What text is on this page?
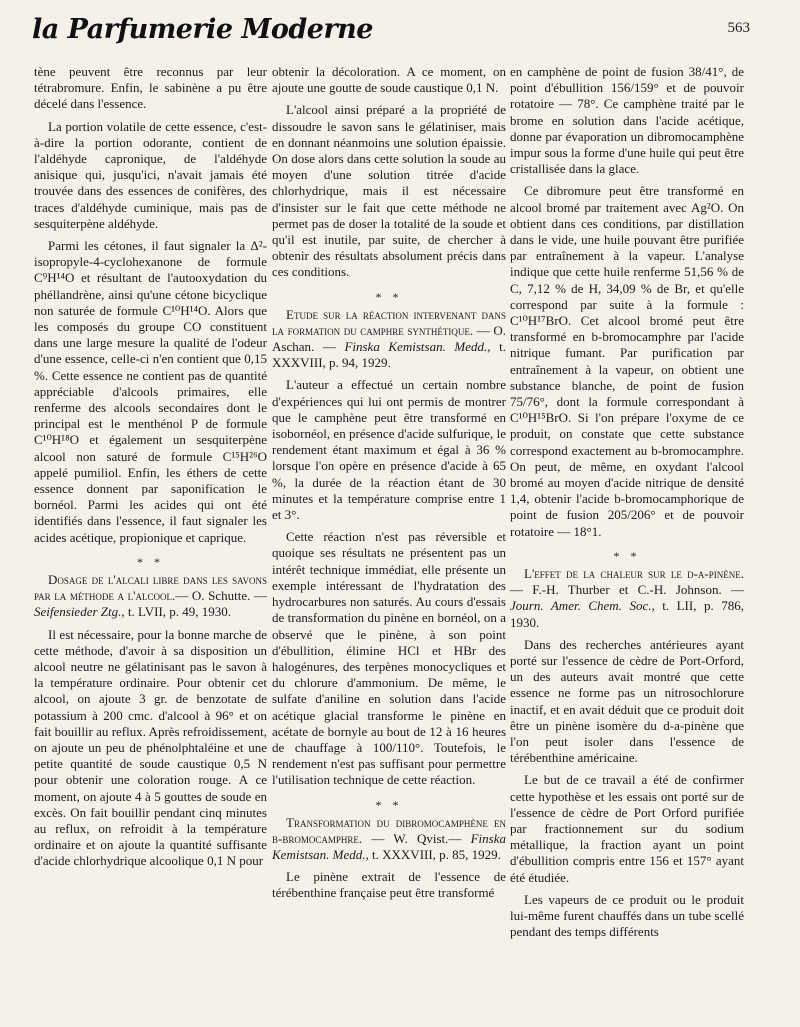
la Parfumerie Moderne	563

tène peuvent être reconnus par leur tétrabromure. Enfin, le sabinène a pu être décelé dans l'essence.

La portion volatile de cette essence, c'est-à-dire la portion odorante, contient de l'aldéhyde capronique, de l'aldéhyde anisique qui, jusqu'ici, n'avait jamais été trouvée dans des essences de conifères, des traces d'aldéhyde cuminique, mais pas de sesquiterpène aldéhyde.

Parmi les cétones, il faut signaler la Δ²-isopropyle-4-cyclohexanone de formule C⁹H¹⁴O et résultant de l'autooxydation du phéllandrène, ainsi qu'une cétone bicyclique non saturée de formule C¹⁰H¹⁴O. Alors que les composés du groupe CO constituent dans une large mesure la qualité de l'odeur d'une essence, celle-ci n'en contient que 0,15 %. Cette essence ne contient pas de quantité appréciable d'alcools primaires, elle renferme des alcools secondaires dont le principal est le menthénol P de formule C¹⁰H¹⁸O et également un sesquiterpène alcool non saturé de formule C¹⁵H²⁶O appelé pumiliol. Enfin, les éthers de cette essence donnent par saponification le bornéol. Parmi les acides qui ont été identifiés dans l'essence, il faut signaler les acides acétique, propionique et caprique.

* *

Dosage de l'alcali libre dans les savons par la méthode a l'alcool.— O. Schutte. — Seifensieder Ztg., t. LVII, p. 49, 1930.

Il est nécessaire, pour la bonne marche de cette méthode, d'avoir à sa disposition un alcool neutre ne gélatinisant pas le savon à la température ordinaire. Pour obtenir cet alcool, on ajoute 3 gr. de benzotate de potassium à 200 cmc. d'alcool à 96° et on fait bouillir au reflux. Après refroidissement, on ajoute un peu de phénolphtaléine et une petite quantité de soude caustique 0,5 N pour obtenir une coloration rouge. A ce moment, on ajoute 4 à 5 gouttes de soude en excès. On fait bouillir pendant cinq minutes au reflux, on refroidit à la température ordinaire et on ajoute la quantité suffisante d'acide chlorhydrique alcoolique 0,1 N pour

obtenir la décoloration. A ce moment, on ajoute une goutte de soude caustique 0,1 N.

L'alcool ainsi préparé a la propriété de dissoudre le savon sans le gélatiniser, mais en donnant néanmoins une solution épaissie. On dose alors dans cette solution la soude au moyen d'une solution titrée d'acide chlorhydrique, mais il est nécessaire d'insister sur le fait que cette méthode ne permet pas de doser la totalité de la soude et qu'il est inutile, par suite, de chercher à obtenir des résultats absolument précis dans ces conditions.

* *

Etude sur la réaction intervenant dans la formation du camphre synthétique. — O. Aschan. — Finska Kemistsan. Medd., t. XXXVIII, p. 94, 1929.

L'auteur a effectué un certain nombre d'expériences qui lui ont permis de montrer que le camphène peut être transformé en isobornéol, en présence d'acide sulfurique, le rendement étant maximum et égal à 36 % lorsque l'on opère en présence d'acide à 65 %, la durée de la réaction étant de 30 minutes et la température comprise entre 1 et 3°.

Cette réaction n'est pas réversible et quoique ses résultats ne présentent pas un intérêt technique immédiat, elle présente un exemple intéressant de l'hydratation des hydrocarbures non saturés. Au cours d'essais de transformation du pinène en bornéol, on a observé que le pinène, à son point d'ébullition, élimine HCl et HBr des halogénures, des terpènes monocycliques et du chlorure d'ammonium. De même, le sulfate d'aniline en solution dans l'acide acétique glacial transforme le pinène en acétate de bornyle au bout de 12 à 16 heures de chauffage à 100/110°. Toutefois, le rendement n'est pas suffisant pour permettre l'utilisation technique de cette réaction.

* *

Transformation du dibromocamphène en b-bromocamphre. — W. Qvist.— Finska Kemistsan. Medd., t. XXXVIII, p. 85, 1929.

Le pinène extrait de l'essence de térébenthine française peut être transformé

en camphène de point de fusion 38/41°, de point d'ébullition 156/159° et de pouvoir rotatoire — 78°. Ce camphène traité par le brome en solution dans l'acide acétique, donne par évaporation un dibromocamphène impur sous la forme d'une huile qui peut être cristallisée dans la glace.

Ce dibromure peut être transformé en alcool bromé par traitement avec Ag²O. On obtient dans ces conditions, par distillation dans le vide, une huile pouvant être purifiée par entraînement à la vapeur. L'analyse indique que cette huile renferme 51,56 % de C, 7,12 % de H, 34,09 % de Br, et qu'elle correspond par suite à la formule : C¹⁰H¹⁷BrO. Cet alcool bromé peut être transformé en b-bromocamphre par l'acide nitrique fumant. Par purification par entraînement à la vapeur, on obtient une substance blanche, de point de fusion 75/76°, dont la formule correspondant à C¹⁰H¹⁵BrO. Si l'on prépare l'oxyme de ce produit, on constate que cette substance correspond exactement au b-bromocamphre. On peut, de même, en oxydant l'alcool bromé au moyen d'acide nitrique de densité 1,4, obtenir l'acide b-bromocamphorique de point de fusion 205/206° et de pouvoir rotatoire — 18°1.

* *

L'effet de la chaleur sur le d-a-pinène. — F.-H. Thurber et C.-H. Johnson. — Journ. Amer. Chem. Soc., t. LII, p. 786, 1930.

Dans des recherches antérieures ayant porté sur l'essence de cèdre de Port-Orford, un des auteurs avait montré que cette essence ne forme pas un nitrosochlorure inactif, et en avait déduit que ce produit doit être un pinène isomère du d-a-pinène que l'on peut isoler dans l'essence de térébenthine américaine.

Le but de ce travail a été de confirmer cette hypothèse et les essais ont porté sur de l'essence de cèdre de Port Orford purifiée par fractionnement sur du sodium métallique, la fraction ayant un point d'ébullition compris entre 156 et 157° ayant été étudiée.

Les vapeurs de ce produit ou le produit lui-même furent chauffés dans un tube scellé pendant des temps différents
